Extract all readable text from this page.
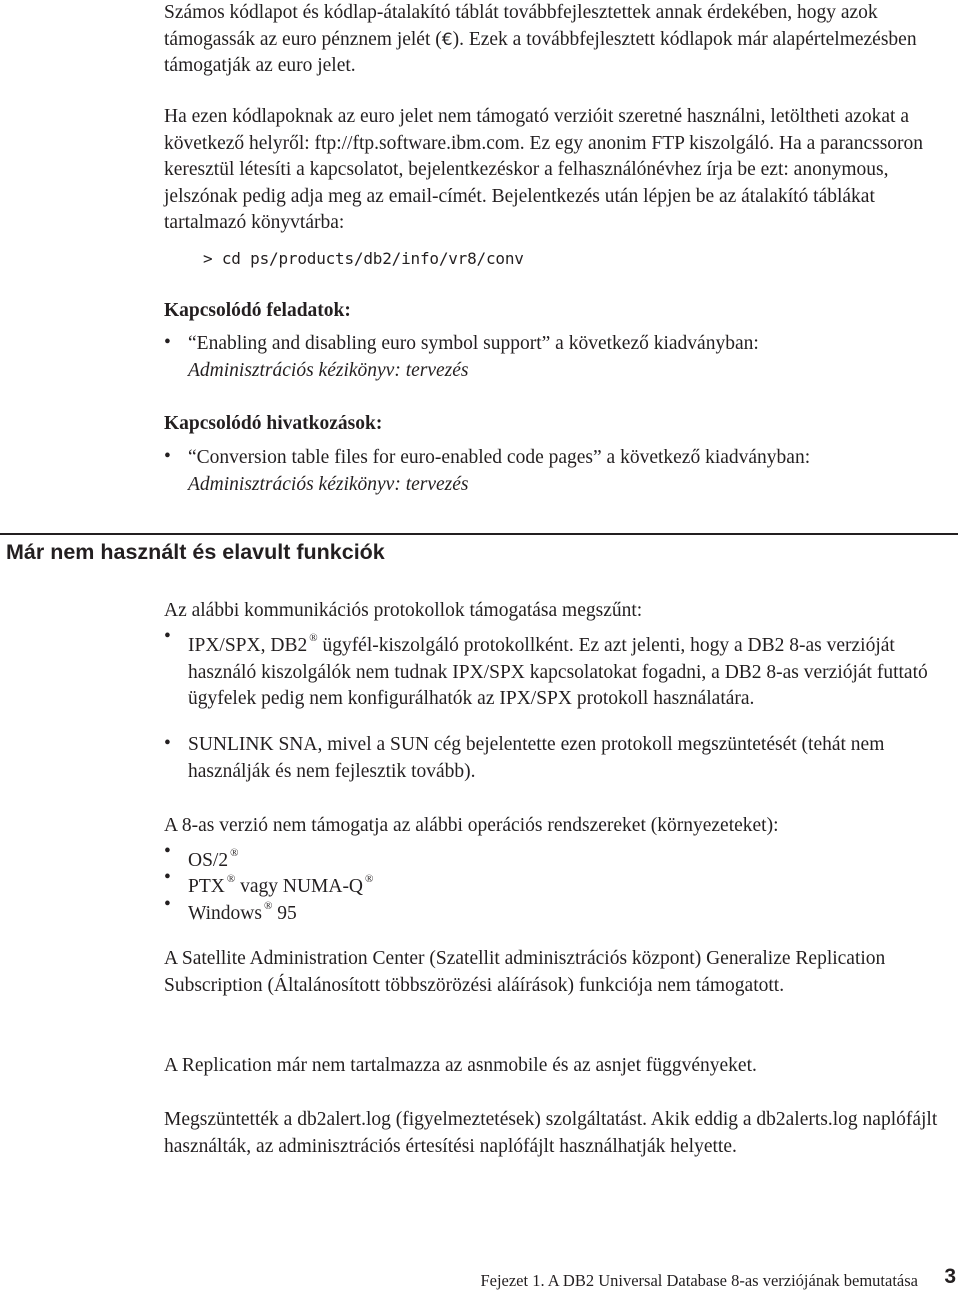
Számos kódlapot és kódlap-átalakító táblát továbbfejlesztettek annak érdekében, hogy azok támogassák az euro pénznem jelét (€). Ezek a továbbfejlesztett kódlapok már alapértelmezésben támogatják az euro jelet.

Ha ezen kódlapoknak az euro jelet nem támogató verzióit szeretné használni, letöltheti azokat a következő helyről: ftp://ftp.software.ibm.com. Ez egy anonim FTP kiszolgáló. Ha a parancssoron keresztül létesíti a kapcsolatot, bejelentkezéskor a felhasználónévhez írja be ezt: anonymous, jelszónak pedig adja meg az email-címét. Bejelentkezés után lépjen be az átalakító táblákat tartalmazó könyvtárba:

> cd ps/products/db2/info/vr8/conv
Kapcsolódó feladatok:
• “Enabling and disabling euro symbol support” a következő kiadványban:
Adminisztrációs kézikönyv: tervezés

Kapcsolódó hivatkozások:
• “Conversion table files for euro-enabled code pages” a következő kiadványban:
Adminisztrációs kézikönyv: tervezés

Már nem használt és elavult funkciók

Az alábbi kommunikációs protokollok támogatása megszűnt:

• IPX/SPX, DB2 ® ügyfél-kiszolgáló protokollként. Ez azt jelenti, hogy a DB2 8-as verzióját használó kiszolgálók nem tudnak IPX/SPX kapcsolatokat fogadni, a DB2 8-as verzióját futtató ügyfelek pedig nem konfigurálhatók az IPX/SPX protokoll használatára.

• SUNLINK SNA, mivel a SUN cég bejelentette ezen protokoll megszüntetését (tehát nem használják és nem fejlesztik tovább).

A 8-as verzió nem támogatja az alábbi operációs rendszereket (környezeteket):

• OS/2 ®

• PTX ® vagy NUMA-Q ®

• Windows ® 95

A Satellite Administration Center (Szatellit adminisztrációs központ) Generalize Replication Subscription (Általánosított többszörözési aláírások) funkciója nem támogatott.

A Replication már nem tartalmazza az asnmobile és az asnjet függvényeket.

Megszüntették a db2alert.log (figyelmeztetések) szolgáltatást. Akik eddig a db2alerts.log naplófájlt használták, az adminisztrációs értesítési naplófájlt használhatják helyette.

Fejezet 1. A DB2 Universal Database 8-as verziójának bemutatása 3
